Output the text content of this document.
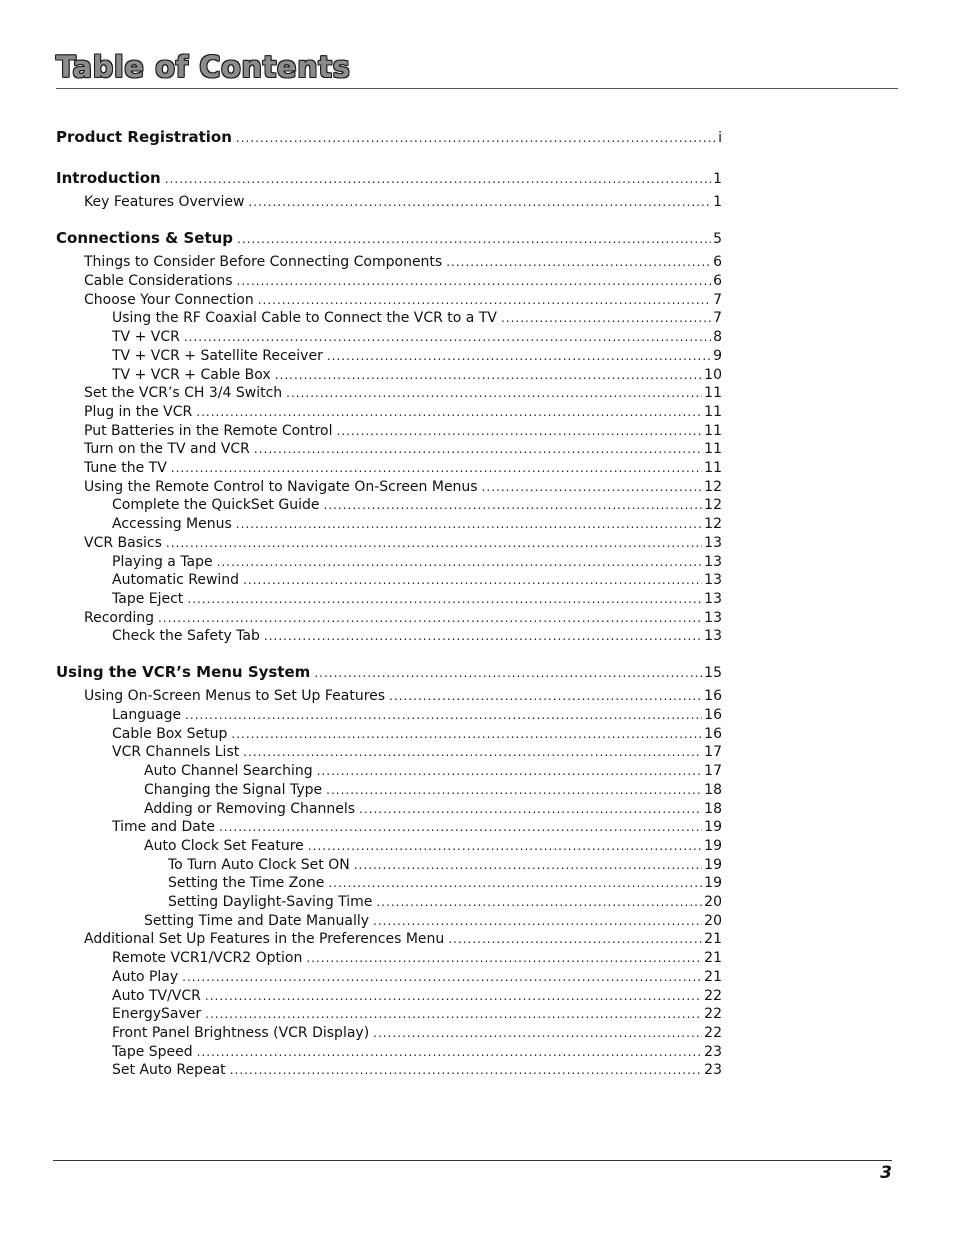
Table of Contents
Product Registration .....	i
Introduction .....	1
Key Features Overview .....	1
Connections & Setup .....	5
Things to Consider Before Connecting Components .....	6
Cable Considerations .....	6
Choose Your Connection .....	7
Using the RF Coaxial Cable to Connect the VCR to a TV .....	7
TV + VCR .....	8
TV + VCR + Satellite Receiver .....	9
TV + VCR + Cable Box .....	10
Set the VCR’s CH 3/4 Switch .....	11
Plug in the VCR .....	11
Put Batteries in the Remote Control .....	11
Turn on the TV and VCR .....	11
Tune the TV .....	11
Using the Remote Control to Navigate On-Screen Menus .....	12
Complete the QuickSet Guide .....	12
Accessing Menus .....	12
VCR Basics .....	13
Playing a Tape .....	13
Automatic Rewind .....	13
Tape Eject .....	13
Recording .....	13
Check the Safety Tab .....	13
Using the VCR’s Menu System .....	15
Using On-Screen Menus to Set Up Features .....	16
Language .....	16
Cable Box Setup .....	16
VCR Channels List .....	17
Auto Channel Searching .....	17
Changing the Signal Type .....	18
Adding or Removing Channels .....	18
Time and Date .....	19
Auto Clock Set Feature .....	19
To Turn Auto Clock Set ON .....	19
Setting the Time Zone .....	19
Setting Daylight-Saving Time .....	20
Setting Time and Date Manually .....	20
Additional Set Up Features in the Preferences Menu .....	21
Remote VCR1/VCR2 Option .....	21
Auto Play .....	21
Auto TV/VCR .....	22
EnergySaver .....	22
Front Panel Brightness (VCR Display) .....	22
Tape Speed .....	23
Set Auto Repeat .....	23
3
